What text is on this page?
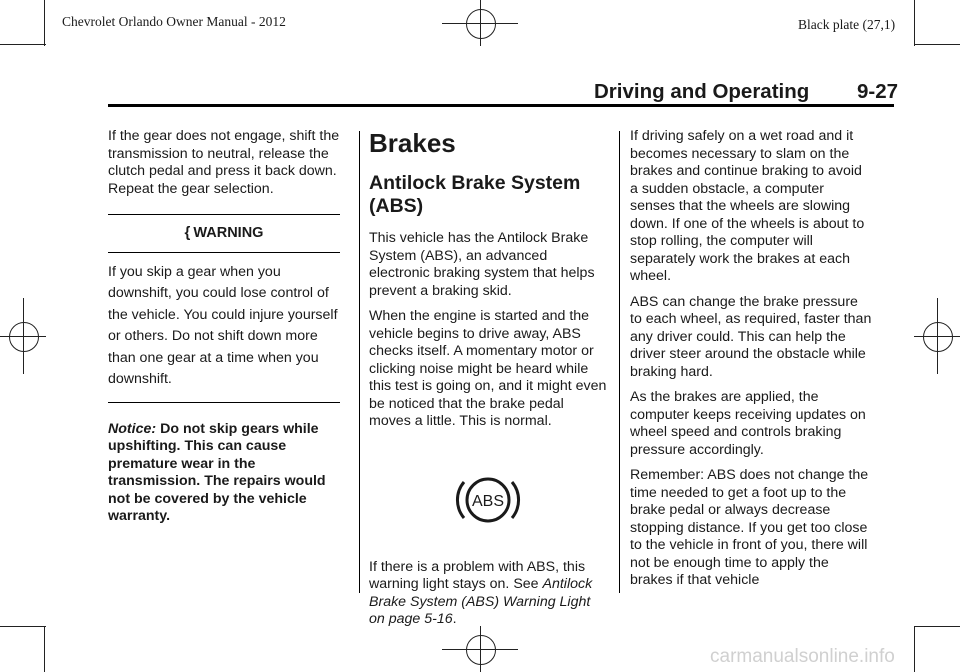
Chevrolet Orlando Owner Manual - 2012	Black plate (27,1)
Driving and Operating	9-27

If the gear does not engage, shift the transmission to neutral, release the clutch pedal and press it back down. Repeat the gear selection.

{ WARNING
If you skip a gear when you downshift, you could lose control of the vehicle. You could injure yourself or others. Do not shift down more than one gear at a time when you downshift.

Notice: Do not skip gears while upshifting. This can cause premature wear in the transmission. The repairs would not be covered by the vehicle warranty.

Brakes
Antilock Brake System (ABS)

This vehicle has the Antilock Brake System (ABS), an advanced electronic braking system that helps prevent a braking skid.

When the engine is started and the vehicle begins to drive away, ABS checks itself. A momentary motor or clicking noise might be heard while this test is going on, and it might even be noticed that the brake pedal moves a little. This is normal.

ABS

If there is a problem with ABS, this warning light stays on. See Antilock Brake System (ABS) Warning Light on page 5-16.

If driving safely on a wet road and it becomes necessary to slam on the brakes and continue braking to avoid a sudden obstacle, a computer senses that the wheels are slowing down. If one of the wheels is about to stop rolling, the computer will separately work the brakes at each wheel.

ABS can change the brake pressure to each wheel, as required, faster than any driver could. This can help the driver steer around the obstacle while braking hard.

As the brakes are applied, the computer keeps receiving updates on wheel speed and controls braking pressure accordingly.

Remember: ABS does not change the time needed to get a foot up to the brake pedal or always decrease stopping distance. If you get too close to the vehicle in front of you, there will not be enough time to apply the brakes if that vehicle

carmanualsonline.info
